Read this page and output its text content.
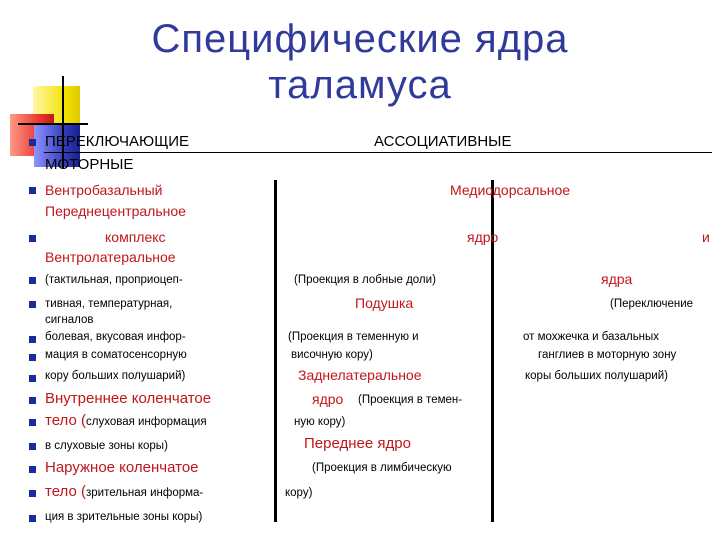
Специфические ядра
таламуса
ПЕРЕКЛЮЧАЮЩИЕ	АССОЦИАТИВНЫЕ
МОТОРНЫЕ
Вентробазальный	Медиодорсальное
Переднецентральное
комплекс	ядро	и
Вентролатеральное
(тактильная, проприоцеп-	(Проекция в лобные доли)	ядра
тивная, температурная,	Подушка	(Переключение
сигналов
болевая, вкусовая инфор-	(Проекция в теменную и	от мохжечка и базальных
мация в соматосенсорную	височную кору)	ганглиев в моторную зону
кору больших полушарий)	Заднелатеральное	коры больших полушарий)
Внутреннее коленчатое	ядро (Проекция в темен-
тело (слуховая информация	ную кору)
в слуховые зоны коры)	Переднее ядро
Наружное коленчатое	(Проекция в лимбическую
тело (зрительная информа-	кору)
ция в зрительные зоны коры)
